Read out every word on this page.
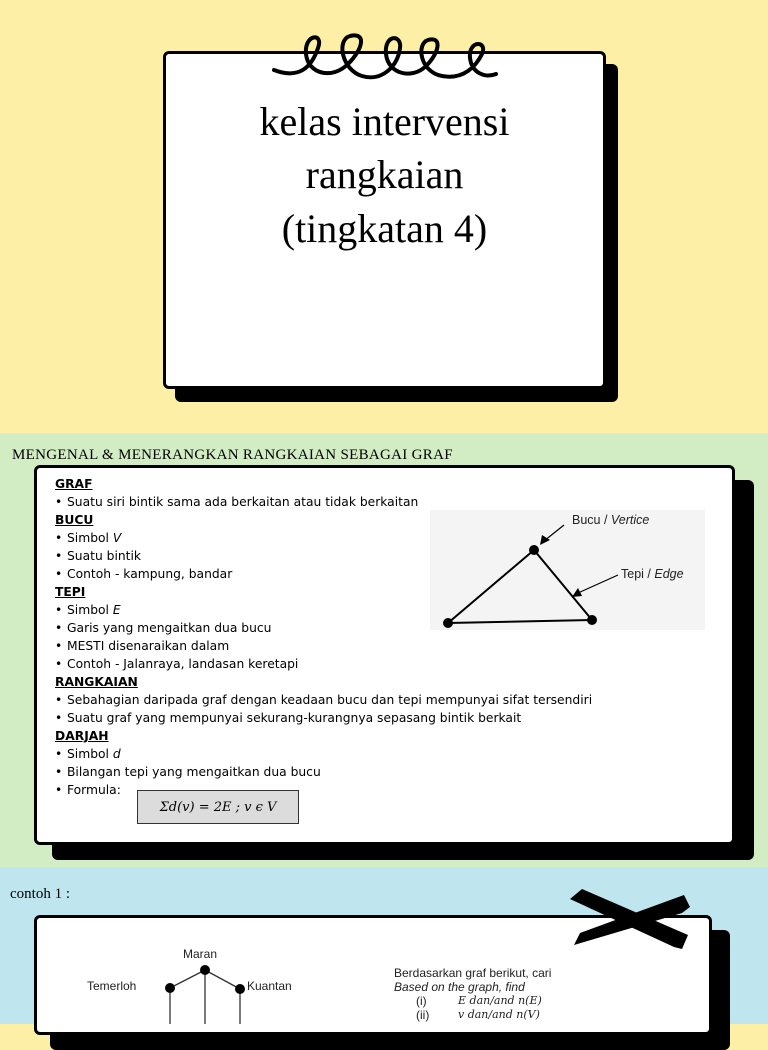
kelas intervensi
rangkaian
(tingkatan 4)
MENGENAL & MENERANGKAN RANGKAIAN SEBAGAI GRAF
GRAF
• Suatu siri bintik sama ada berkaitan atau tidak berkaitan
BUCU
• Simbol V
• Suatu bintik
• Contoh - kampung, bandar
TEPI
• Simbol E
• Garis yang mengaitkan dua bucu
• MESTI disenaraikan dalam
• Contoh - Jalanraya, landasan keretapi
RANGKAIAN
• Sebahagian daripada graf dengan keadaan bucu dan tepi mempunyai sifat tersendiri
• Suatu graf yang mempunyai sekurang-kurangnya sepasang bintik berkait
DARJAH
• Simbol d
• Bilangan tepi yang mengaitkan dua bucu
• Formula:
Σd(v) = 2E ; v ϵ V
Bucu / Vertice
Tepi / Edge
contoh 1 :
Maran
Temerloh	Kuantan
Berdasarkan graf berikut, cari
Based on the graph, find
(i)	E dan/and n(E)
(ii)	v dan/and n(V)
